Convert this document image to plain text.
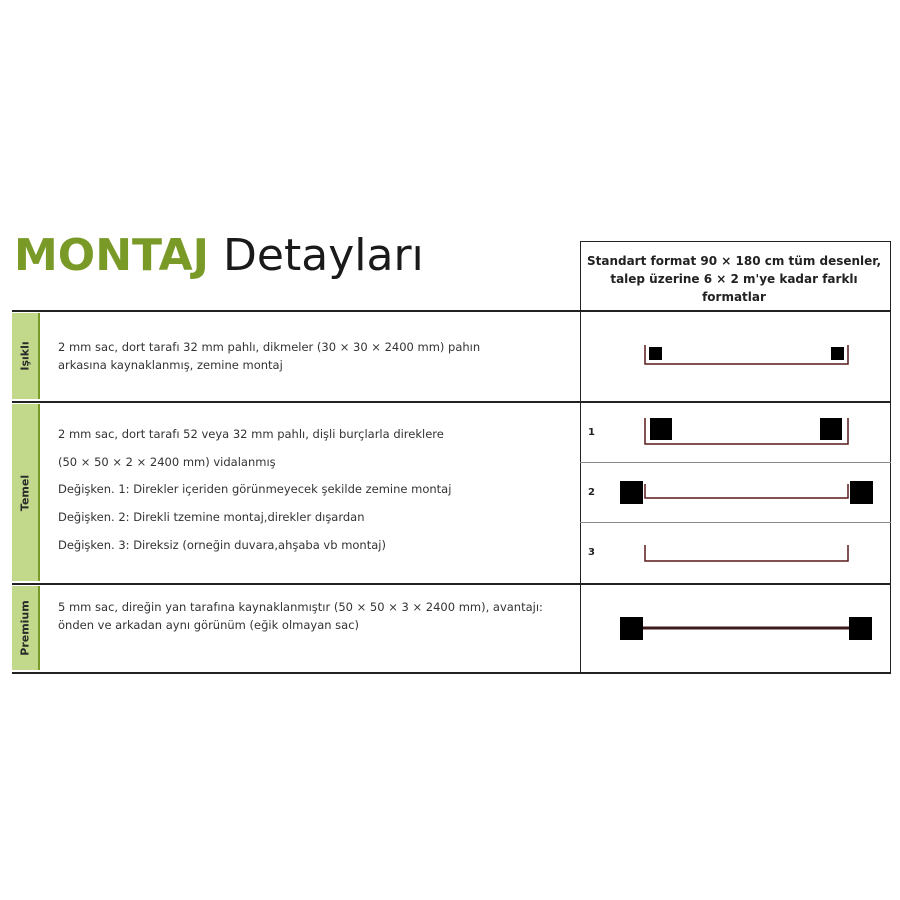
MONTAJ Detayları	Standart format 90 × 180 cm tüm desenler,
talep üzerine 6 × 2 m'ye kadar farklı
formatlar
Işıklı
Temel
Premium
2 mm sac, dort tarafı 32 mm pahlı, dikmeler (30 × 30 × 2400 mm) pahın
arkasına kaynaklanmış, zemine montaj
2 mm sac, dort tarafı 52 veya 32 mm pahlı, dişli burçlarla direklere
(50 × 50 × 2 × 2400 mm) vidalanmış
Değişken. 1: Direkler içeriden görünmeyecek şekilde zemine montaj
Değişken. 2: Direkli tzemine montaj,direkler dışardan
Değişken. 3: Direksiz (orneğin duvara,ahşaba vb montaj)
5 mm sac, direğin yan tarafına kaynaklanmıştır (50 × 50 × 3 × 2400 mm), avantajı:
önden ve arkadan aynı görünüm (eğik olmayan sac)
1
2
3
